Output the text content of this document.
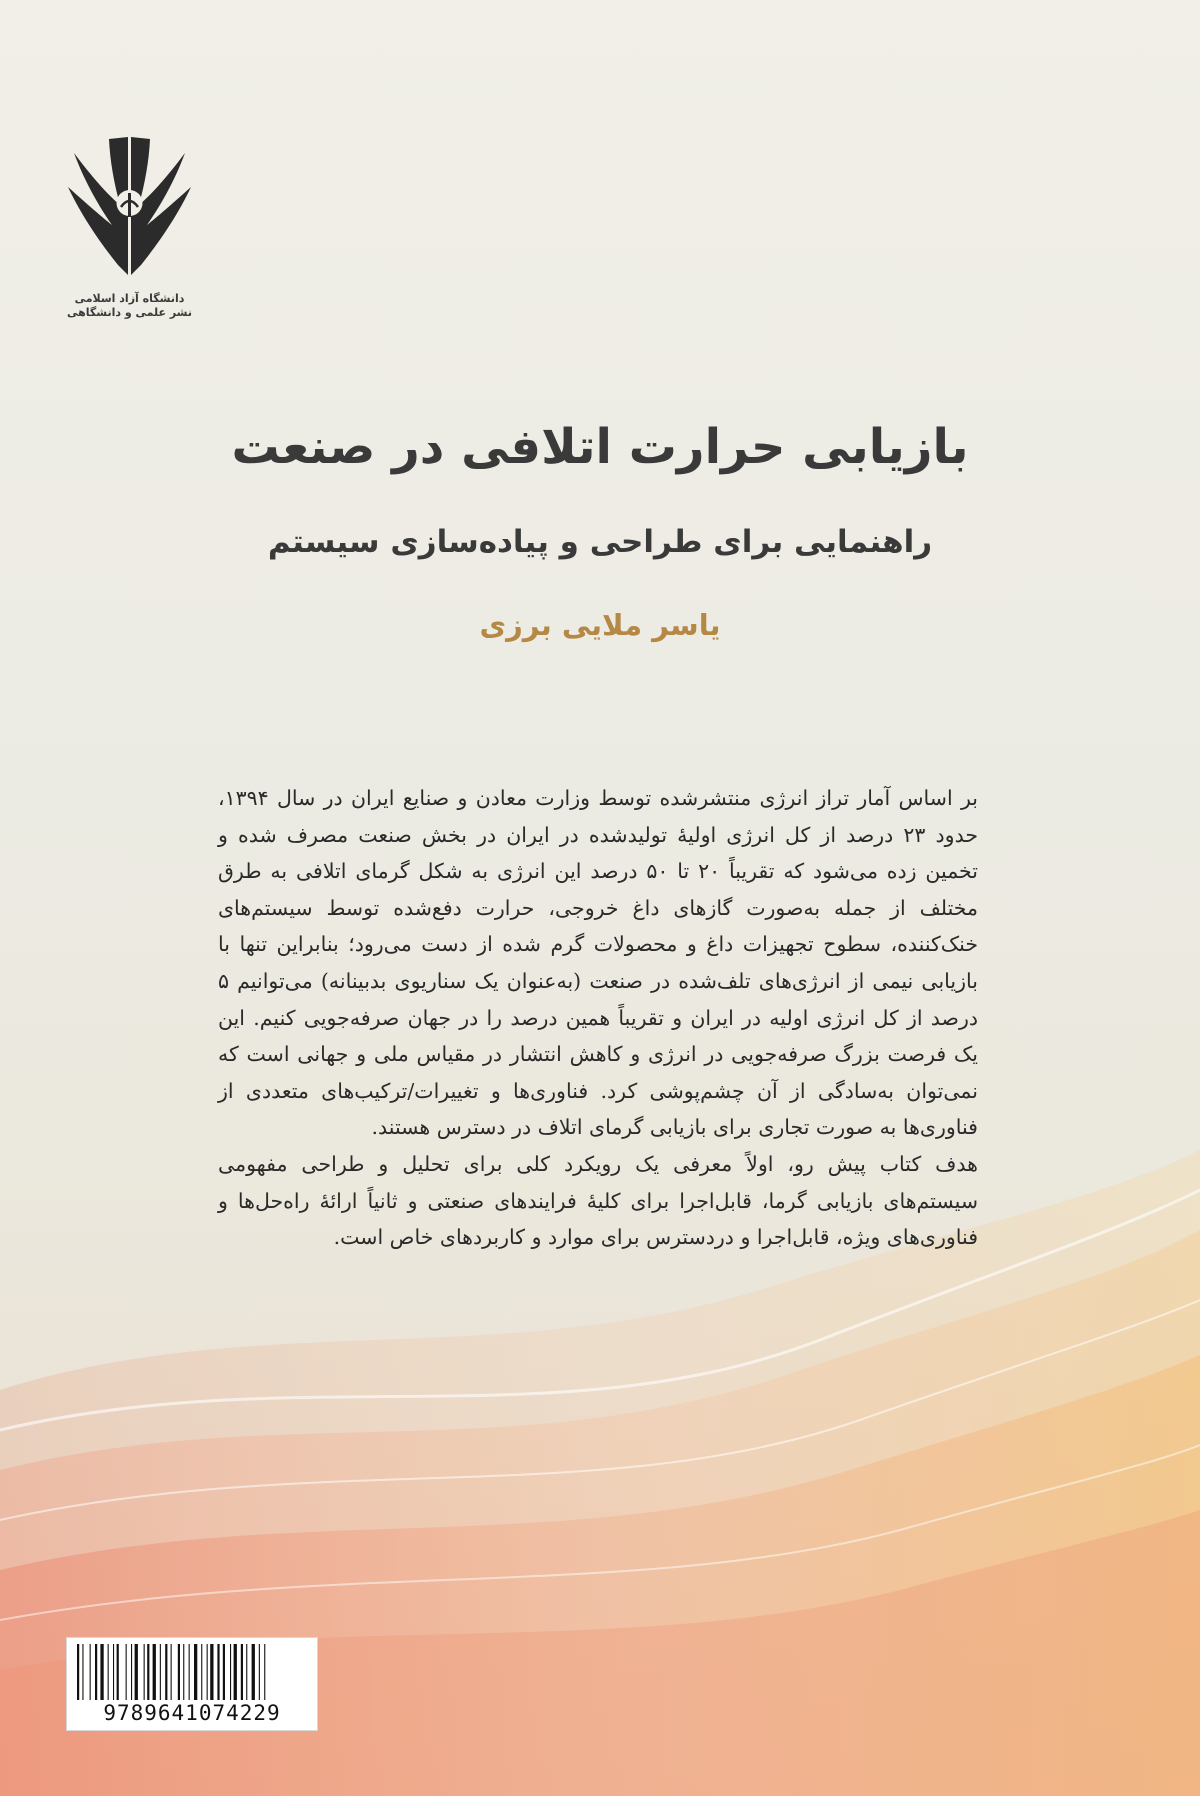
دانشگاه آزاد اسلامی
نشر علمی و دانشگاهی
بازیابی حرارت اتلافی در صنعت
راهنمایی برای طراحی و پیاده‌سازی سیستم
یاسر ملایی برزی

بر اساس آمار تراز انرژی منتشرشده توسط وزارت معادن و صنایع ایران در سال ۱۳۹۴، حدود ۲۳ درصد از کل انرژی اولیهٔ تولیدشده در ایران در بخش صنعت مصرف شده و تخمین زده می‌شود که تقریباً ۲۰ تا ۵۰ درصد این انرژی به شکل گرمای اتلافی به طرق مختلف از جمله به‌صورت گازهای داغ خروجی، حرارت دفع‌شده توسط سیستم‌های خنک‌کننده، سطوح تجهیزات داغ و محصولات گرم شده از دست می‌رود؛ بنابراین تنها با بازیابی نیمی از انرژی‌های تلف‌شده در صنعت (به‌عنوان یک سناریوی بدبینانه) می‌توانیم ۵ درصد از کل انرژی اولیه در ایران و تقریباً همین درصد را در جهان صرفه‌جویی کنیم. این یک فرصت بزرگ صرفه‌جویی در انرژی و کاهش انتشار در مقیاس ملی و جهانی است که نمی‌توان به‌سادگی از آن چشم‌پوشی کرد. فناوری‌ها و تغییرات/ترکیب‌های متعددی از فناوری‌ها به صورت تجاری برای بازیابی گرمای اتلاف در دسترس هستند.

هدف کتاب پیش رو، اولاً معرفی یک رویکرد کلی برای تحلیل و طراحی مفهومی سیستم‌های بازیابی گرما، قابل‌اجرا برای کلیهٔ فرایندهای صنعتی و ثانیاً ارائهٔ راه‌حل‌ها و فناوری‌های ویژه، قابل‌اجرا و دردسترس برای موارد و کاربردهای خاص است.

9789641074229
